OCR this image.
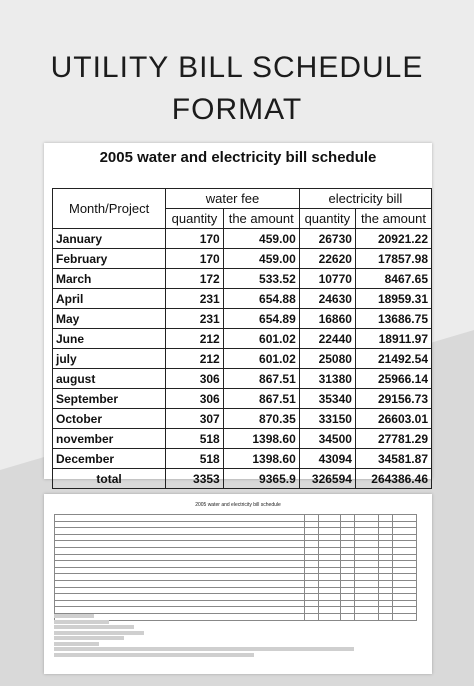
UTILITY BILL SCHEDULE
FORMAT
2005 water and electricity bill schedule
Month/Project	water fee		electricity bill	
	quantity	the amount	quantity	the amount
January	170	459.00	26730	20921.22
February	170	459.00	22620	17857.98
March	172	533.52	10770	8467.65
April	231	654.88	24630	18959.31
May	231	654.89	16860	13686.75
June	212	601.02	22440	18911.97
july	212	601.02	25080	21492.54
august	306	867.51	31380	25966.14
September	306	867.51	35340	29156.73
October	307	870.35	33150	26603.01
november	518	1398.60	34500	27781.29
December	518	1398.60	43094	34581.87
total	3353	9365.9	326594	264386.46
2005 water and electricity bill schedule
